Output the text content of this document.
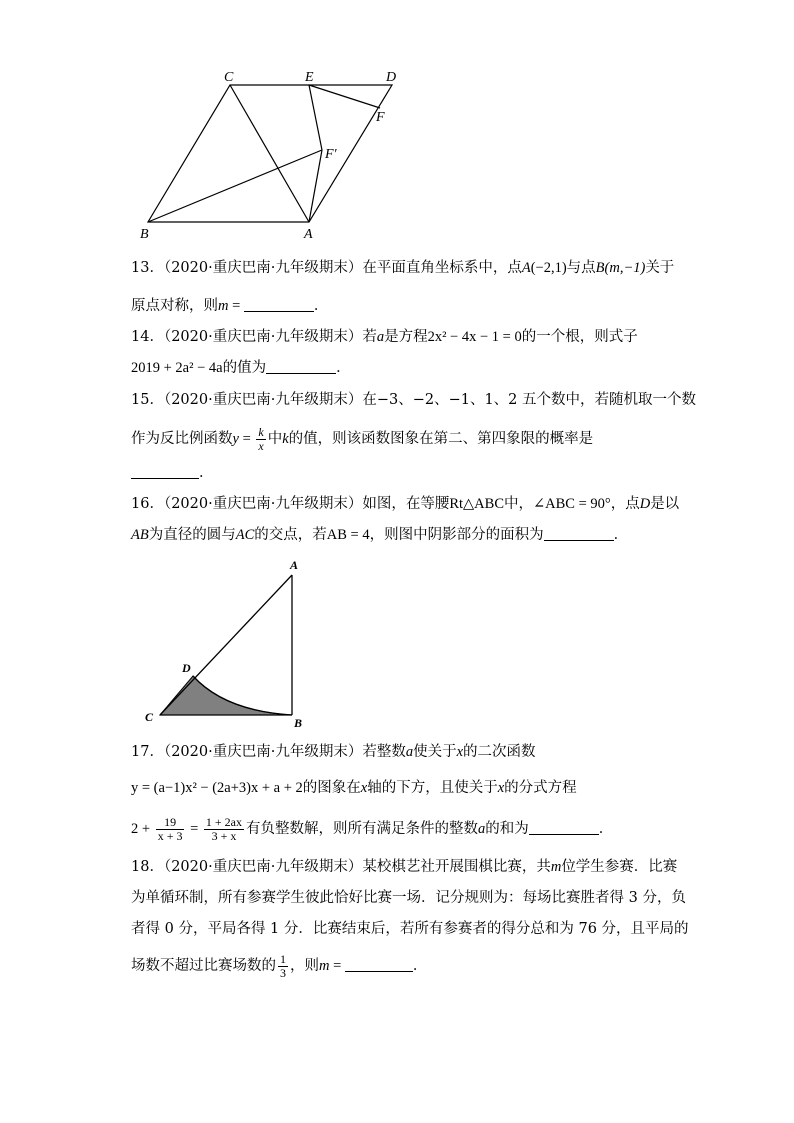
C	E	D
F
F′
B	A
13．（2020·重庆巴南·九年级期末）在平面直角坐标系中，点A(−2,1)与点B(m,−1)关于
原点对称，则m =	．
14．（2020·重庆巴南·九年级期末）若a是方程2x² − 4x − 1 = 0的一个根，则式子
2019 + 2a² − 4a的值为	．
15．（2020·重庆巴南·九年级期末）在−3、−2、−1、1、2 五个数中，若随机取一个数
作为反比例函数$y = \frac{k}{x}$ 中k的值，则该函数图象在第二、第四象限的概率是
．
16．（2020·重庆巴南·九年级期末）如图，在等腰Rt△ABC中，∠ABC = 90°，点D是以
AB为直径的圆与AC的交点，若AB = 4，则图中阴影部分的面积为	．
A
D
C	B
17．（2020·重庆巴南·九年级期末）若整数a使关于x的二次函数
y = (a−1)x² − (2a+3)x + a + 2的图象在x轴的下方，且使关于x的分式方程
$2 + \frac{19}{x + 3} = \frac{1 + 2ax}{3 + x}$ 有负整数解，则所有满足条件的整数a的和为	．
18．（2020·重庆巴南·九年级期末）某校棋艺社开展围棋比赛，共m位学生参赛．比赛
为单循环制，所有参赛学生彼此恰好比赛一场．记分规则为：每场比赛胜者得 3 分，负
者得 0 分，平局各得 1 分．比赛结束后，若所有参赛者的得分总和为 76 分，且平局的
场数不超过比赛场数的 $\frac{1}{3}$ ，则m =	．
